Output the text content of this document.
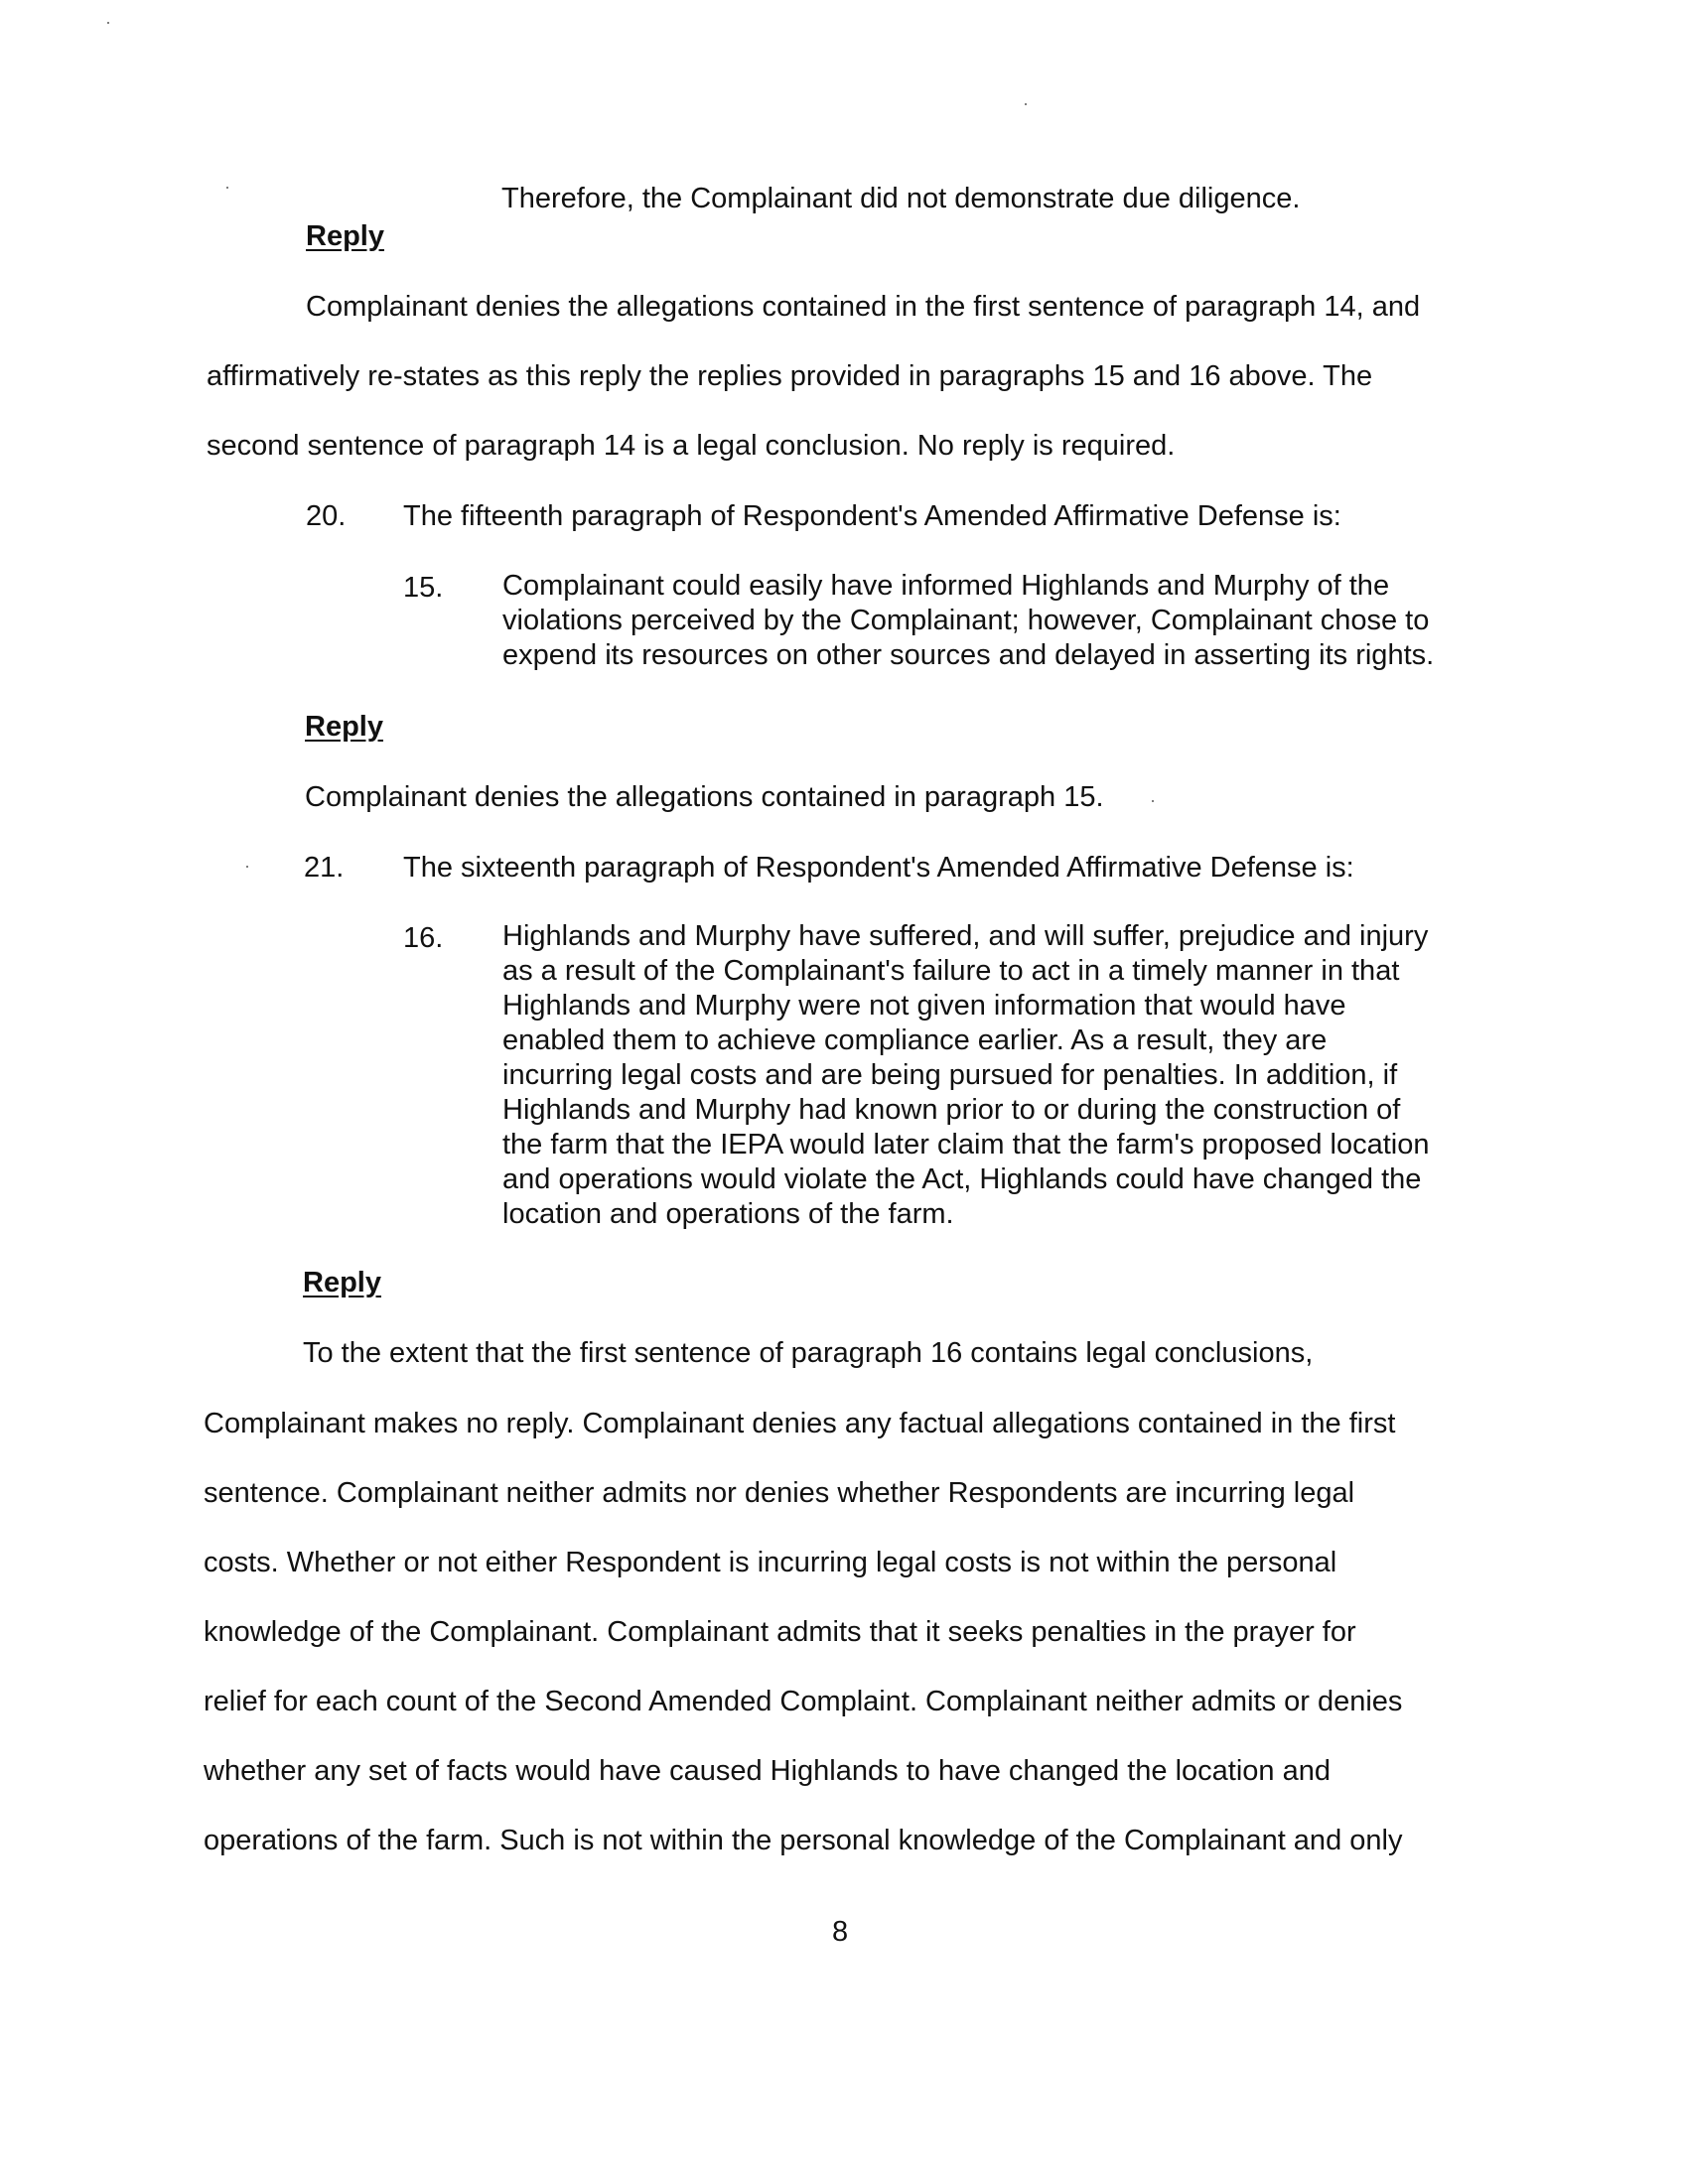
Therefore, the Complainant did not demonstrate due diligence.

Reply

Complainant denies the allegations contained in the first sentence of paragraph 14, and

affirmatively re-states as this reply the replies provided in paragraphs 15 and 16 above. The

second sentence of paragraph 14 is a legal conclusion. No reply is required.

20. The fifteenth paragraph of Respondent's Amended Affirmative Defense is:

15. Complainant could easily have informed Highlands and Murphy of the
violations perceived by the Complainant; however, Complainant chose to
expend its resources on other sources and delayed in asserting its rights.

Reply

Complainant denies the allegations contained in paragraph 15.

21. The sixteenth paragraph of Respondent's Amended Affirmative Defense is:

16. Highlands and Murphy have suffered, and will suffer, prejudice and injury
as a result of the Complainant's failure to act in a timely manner in that
Highlands and Murphy were not given information that would have
enabled them to achieve compliance earlier. As a result, they are
incurring legal costs and are being pursued for penalties. In addition, if
Highlands and Murphy had known prior to or during the construction of
the farm that the IEPA would later claim that the farm's proposed location
and operations would violate the Act, Highlands could have changed the
location and operations of the farm.

Reply

To the extent that the first sentence of paragraph 16 contains legal conclusions,

Complainant makes no reply. Complainant denies any factual allegations contained in the first

sentence. Complainant neither admits nor denies whether Respondents are incurring legal

costs. Whether or not either Respondent is incurring legal costs is not within the personal

knowledge of the Complainant. Complainant admits that it seeks penalties in the prayer for

relief for each count of the Second Amended Complaint. Complainant neither admits or denies

whether any set of facts would have caused Highlands to have changed the location and

operations of the farm. Such is not within the personal knowledge of the Complainant and only

8
